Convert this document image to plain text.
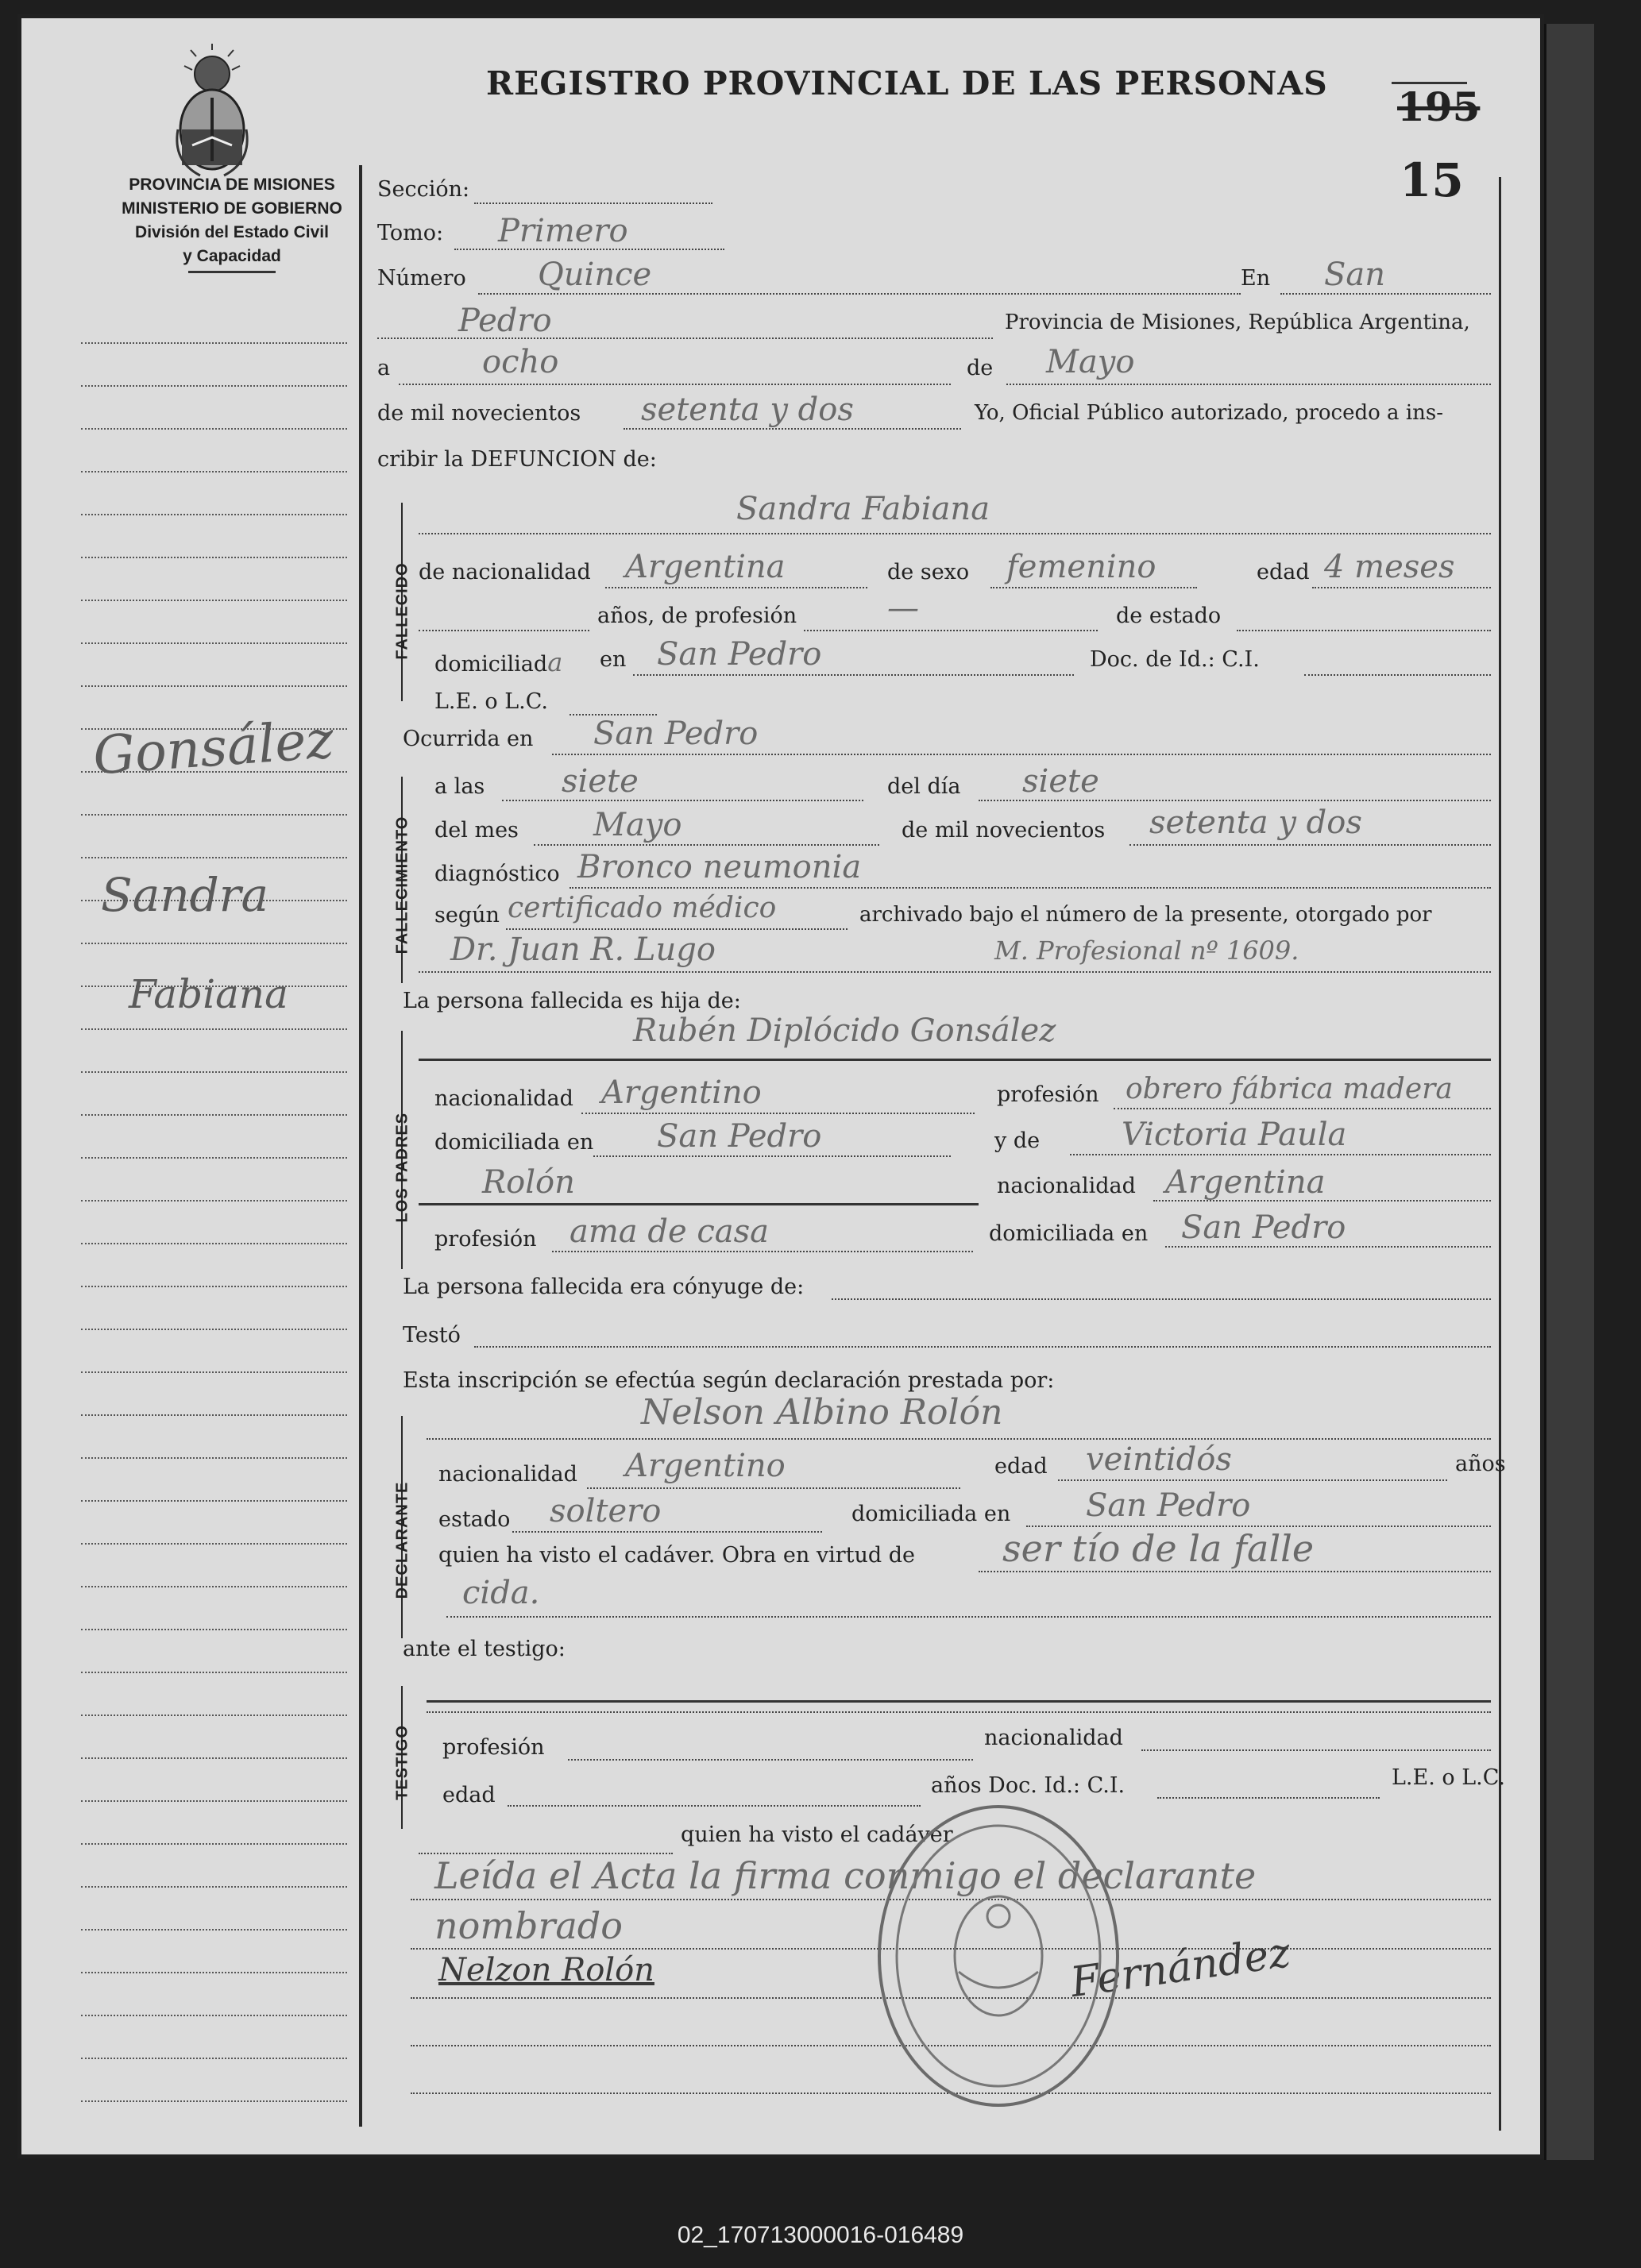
PROVINCIA DE MISIONES
MINISTERIO DE GOBIERNO
División del Estado Civil
y Capacidad
REGISTRO PROVINCIAL DE LAS PERSONAS 195
15
Gonsález
Sandra
Fabiana
Sección:
Tomo: Primero
Número Quince	En San
Pedro	Provincia de Misiones, República Argentina,
a	ocho	de Mayo
de mil novecientos setenta y dos	Yo, Oficial Público autorizado, procedo a ins-
cribir la DEFUNCION de:
FALLECIDO
Sandra Fabiana
de nacionalidad Argentina	de sexo femenino	edad 4 meses
años, de profesión	—	de estado
domiciliada en San Pedro	Doc. de Id.: C.I.
L.E. o L.C.
Ocurrida en San Pedro
FALLECIMIENTO
a las siete	del día siete
del mes Mayo	de mil novecientos setenta y dos
diagnóstico Bronco neumonia
según certificado médico	archivado bajo el número de la presente, otorgado por
Dr. Juan R. Lugo	M. Profesional nº 1609.
La persona fallecida es hija de:
LOS PADRES
Rubén Diplócido Gonsález
nacionalidad Argentino	profesión obrero fábrica madera
domiciliada en San Pedro	y de	Victoria Paula
Rolón	nacionalidad Argentina
profesión ama de casa	domiciliada en San Pedro
La persona fallecida era cónyuge de:
Testó
Esta inscripción se efectúa según declaración prestada por:
DECLARANTE
Nelson Albino Rolón
nacionalidad Argentino	edad veintidós	años
estado soltero	domiciliada en San Pedro
quien ha visto el cadáver. Obra en virtud de ser tío de la falle
cida.
ante el testigo:
TESTIGO profesión	nacionalidad
edad	años Doc. Id.: C.I.	L.E. o L.C.
quien ha visto el cadáver
Leída el Acta la firma conmigo el declarante
nombrado
Nelzon Rolón	Fernández
02_170713000016-016489
